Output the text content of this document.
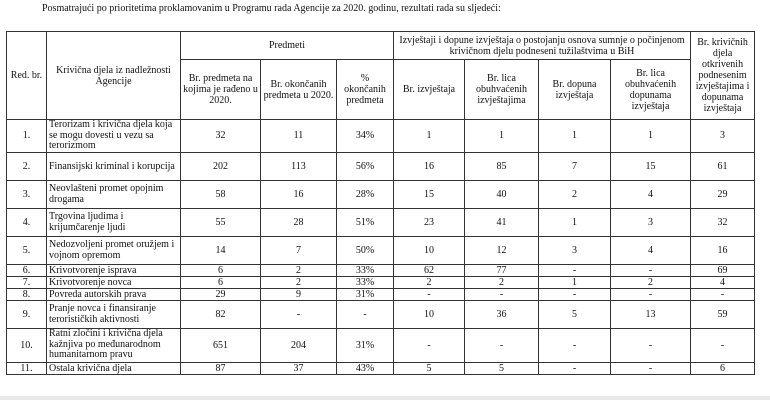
Posmatrajući po prioritetima proklamovanim u Programu rada Agencije za 2020. godinu, rezultati rada su sljedeći:
Red. br.	Krivična djela iz nadležnosti Agencije	Predmeti			Izvještaji i dopune izvještaja o postojanju osnova sumnje o počinjenom krivičnom djelu podneseni tužilaštvima u BiH				Br. krivičnih djela otkrivenih podnesenim izvještajima i dopunama izvještaja
		Br. predmeta na kojima je rađeno u 2020.	Br. okončanih predmeta u 2020.	% okončanih predmeta	Br. izvještaja	Br. lica obuhvaćenih izvještajima	Br. dopuna izvještaja	Br. lica obuhvaćenih dopunama izvještaja	
1.	Terorizam i krivična djela koja se mogu dovesti u vezu sa terorizmom	32	11	34%	1	1	1	1	3
2.	Finansijski kriminal i korupcija	202	113	56%	16	85	7	15	61
3.	Neovlašteni promet opojnim drogama	58	16	28%	15	40	2	4	29
4.	Trgovina ljudima i krijumčarenje ljudi	55	28	51%	23	41	1	3	32
5.	Nedozvoljeni promet oružjem i vojnom opremom	14	7	50%	10	12	3	4	16
6.	Krivotvorenje isprava	6	2	33%	62	77	-	-	69
7.	Krivotvorenje novca	6	2	33%	2	2	1	2	4
8.	Povreda autorskih prava	29	9	31%	-	-	-	-	-
9.	Pranje novca i finansiranje terorističkih aktivnosti	82	-	-	10	36	5	13	59
10.	Ratni zločini i krivična djela kažnjiva po međunarodnom humanitarnom pravu	651	204	31%	-	-	-	-	-
11.	Ostala krivična djela	87	37	43%	5	5	-	-	6
